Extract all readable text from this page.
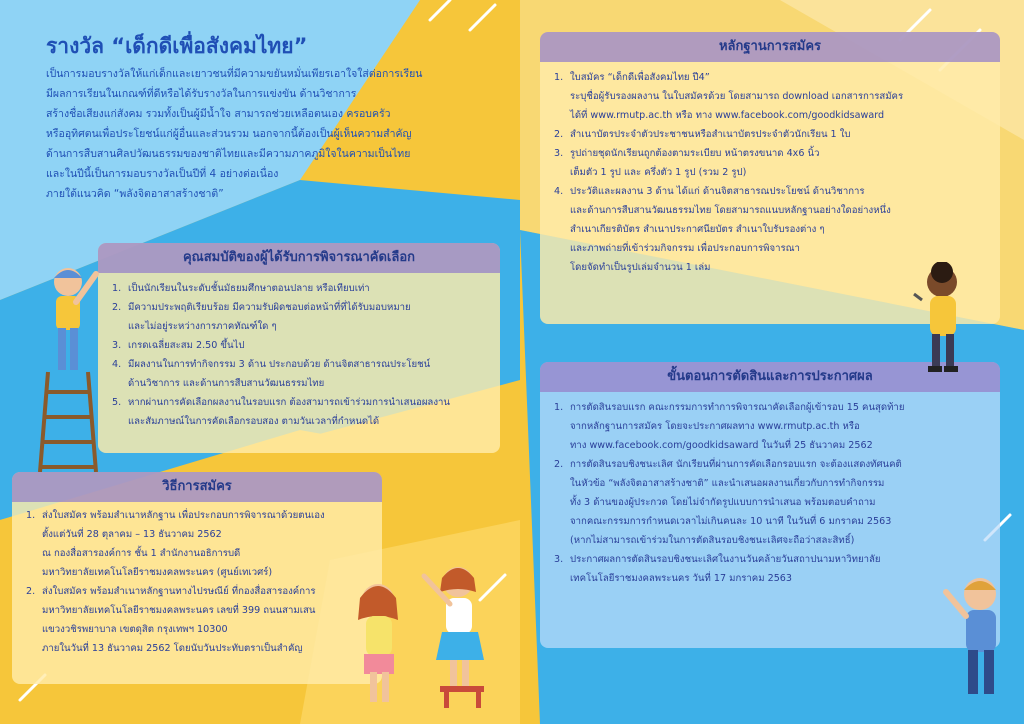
รางวัล “เด็กดีเพื่อสังคมไทย”

เป็นการมอบรางวัลให้แก่เด็กและเยาวชนที่มีความขยันหมั่นเพียรเอาใจใส่ต่อการเรียน

มีผลการเรียนในเกณฑ์ที่ดีหรือได้รับรางวัลในการแข่งขัน ด้านวิชาการ

สร้างชื่อเสียงแก่สังคม รวมทั้งเป็นผู้มีน้ำใจ สามารถช่วยเหลือตนเอง ครอบครัว

หรืออุทิศตนเพื่อประโยชน์แก่ผู้อื่นและส่วนรวม นอกจากนี้ต้องเป็นผู้เห็นความสำคัญ

ด้านการสืบสานศิลปวัฒนธรรมของชาติไทยและมีความภาคภูมิใจในความเป็นไทย

และในปีนี้เป็นการมอบรางวัลเป็นปีที่ 4 อย่างต่อเนื่อง

ภายใต้แนวคิด “พลังจิตอาสาสร้างชาติ”

คุณสมบัติของผู้ได้รับการพิจารณาคัดเลือก
1. เป็นนักเรียนในระดับชั้นมัธยมศึกษาตอนปลาย หรือเทียบเท่า
2. มีความประพฤติเรียบร้อย มีความรับผิดชอบต่อหน้าที่ที่ได้รับมอบหมาย
และไม่อยู่ระหว่างการภาคทัณฑ์ใด ๆ
3. เกรดเฉลี่ยสะสม 2.50 ขึ้นไป
4. มีผลงานในการทำกิจกรรม 3 ด้าน ประกอบด้วย ด้านจิตสาธารณประโยชน์
ด้านวิชาการ และด้านการสืบสานวัฒนธรรมไทย
5. หากผ่านการคัดเลือกผลงานในรอบแรก ต้องสามารถเข้าร่วมการนำเสนอผลงาน
และสัมภาษณ์ในการคัดเลือกรอบสอง ตามวันเวลาที่กำหนดได้
วิธีการสมัคร
1. ส่งใบสมัคร พร้อมสำเนาหลักฐาน เพื่อประกอบการพิจารณาด้วยตนเอง
ตั้งแต่วันที่ 28 ตุลาคม – 13 ธันวาคม 2562
ณ กองสื่อสารองค์การ ชั้น 1 สำนักงานอธิการบดี
มหาวิทยาลัยเทคโนโลยีราชมงคลพระนคร (ศูนย์เทเวศร์)
2. ส่งใบสมัคร พร้อมสำเนาหลักฐานทางไปรษณีย์ ที่กองสื่อสารองค์การ
มหาวิทยาลัยเทคโนโลยีราชมงคลพระนคร เลขที่ 399 ถนนสามเสน
แขวงวชิรพยาบาล เขตดุสิต กรุงเทพฯ 10300
ภายในวันที่ 13 ธันวาคม 2562 โดยนับวันประทับตราเป็นสำคัญ
หลักฐานการสมัคร
1. ใบสมัคร “เด็กดีเพื่อสังคมไทย ปี4”
ระบุชื่อผู้รับรองผลงาน ในใบสมัครด้วย โดยสามารถ download เอกสารการสมัคร
ได้ที่ www.rmutp.ac.th หรือ ทาง www.facebook.com/goodkidsaward
2. สำเนาบัตรประจำตัวประชาชนหรือสำเนาบัตรประจำตัวนักเรียน 1 ใบ
3. รูปถ่ายชุดนักเรียนถูกต้องตามระเบียบ หน้าตรงขนาด 4x6 นิ้ว
เต็มตัว 1 รูป และ ครึ่งตัว 1 รูป (รวม 2 รูป)
4. ประวัติและผลงาน 3 ด้าน ได้แก่ ด้านจิตสาธารณประโยชน์ ด้านวิชาการ
และด้านการสืบสานวัฒนธรรมไทย โดยสามารถแนบหลักฐานอย่างใดอย่างหนึ่ง
สำเนาเกียรติบัตร สำเนาประกาศนียบัตร สำเนาใบรับรองต่าง ๆ
และภาพถ่ายที่เข้าร่วมกิจกรรม เพื่อประกอบการพิจารณา
โดยจัดทำเป็นรูปเล่มจำนวน 1 เล่ม
ขั้นตอนการตัดสินและการประกาศผล
1. การตัดสินรอบแรก คณะกรรมการทำการพิจารณาคัดเลือกผู้เข้ารอบ 15 คนสุดท้าย
จากหลักฐานการสมัคร โดยจะประกาศผลทาง www.rmutp.ac.th หรือ
ทาง www.facebook.com/goodkidsaward ในวันที่ 25 ธันวาคม 2562
2. การตัดสินรอบชิงชนะเลิศ นักเรียนที่ผ่านการคัดเลือกรอบแรก จะต้องแสดงทัศนคติ
ในหัวข้อ “พลังจิตอาสาสร้างชาติ” และนำเสนอผลงานเกี่ยวกับการทำกิจกรรม
ทั้ง 3 ด้านของผู้ประกวด โดยไม่จำกัดรูปแบบการนำเสนอ พร้อมตอบคำถาม
จากคณะกรรมการกำหนดเวลาไม่เกินคนละ 10 นาที ในวันที่ 6 มกราคม 2563
(หากไม่สามารถเข้าร่วมในการตัดสินรอบชิงชนะเลิศจะถือว่าสละสิทธิ์)
3. ประกาศผลการตัดสินรอบชิงชนะเลิศในงานวันคล้ายวันสถาปนามหาวิทยาลัย
เทคโนโลยีราชมงคลพระนคร วันที่ 17 มกราคม 2563
